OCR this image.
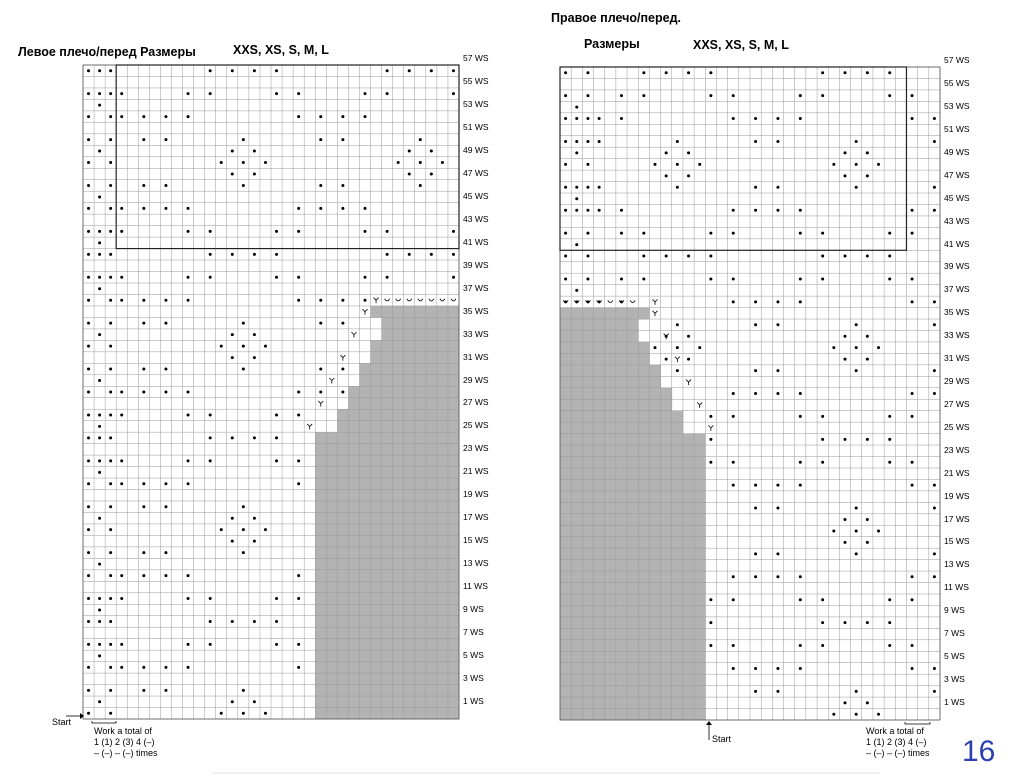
Левое плечо/перед Размеры	XXS, XS, S, M, L
Правое плечо/перед.
Размеры	XXS, XS, S, M, L
57 WS
55 WS
53 WS
51 WS
49 WS
47 WS
45 WS
43 WS
41 WS
39 WS
37 WS
35 WS
33 WS
31 WS
29 WS
27 WS
25 WS
23 WS
21 WS
19 WS
17 WS
15 WS
13 WS
11 WS
9 WS
7 WS
5 WS
3 WS
1 WS
57 WS
55 WS
53 WS
51 WS
49 WS
47 WS
45 WS
43 WS
41 WS
39 WS
37 WS
35 WS
33 WS
31 WS
29 WS
27 WS
25 WS
23 WS
21 WS
19 WS
17 WS
15 WS
13 WS
11 WS
9 WS
7 WS
5 WS
3 WS
1 WS
Start
Work a total of
1 (1) 2 (3) 4 (–)
– (–) – (–) times
Start
Work a total of
1 (1) 2 (3) 4 (–)
– (–) – (–) times 16
